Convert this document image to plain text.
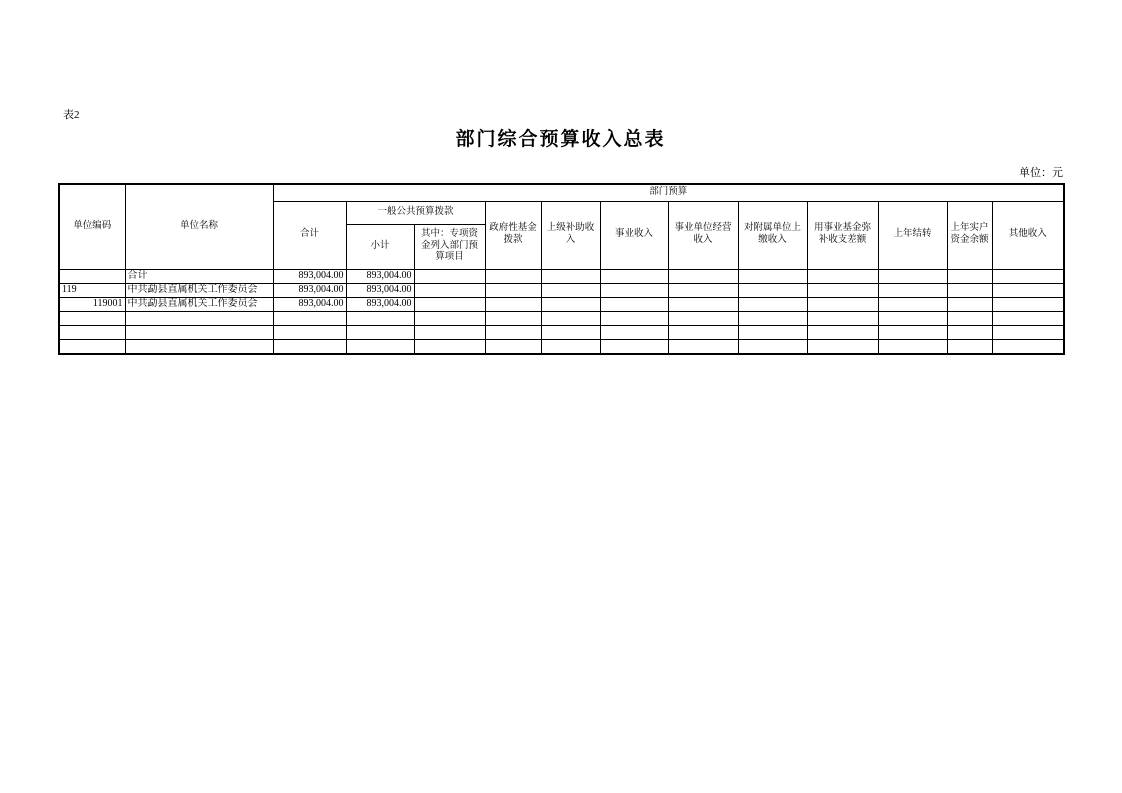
表2
部门综合预算收入总表
单位：元
单位编码	单位名称	部门预算											
		合计	一般公共预算拨款		政府性基金拨款	上级补助收入	事业收入	事业单位经营收入	对附属单位上缴收入	用事业基金弥补收支差额	上年结转	上年实户资金余额	其他收入
			小计	其中：专项资金列入部门预算项目									
	合计	893,004.00	893,004.00										
119	中共勐县直属机关工作委员会	893,004.00	893,004.00										
119001	中共勐县直属机关工作委员会	893,004.00	893,004.00										
